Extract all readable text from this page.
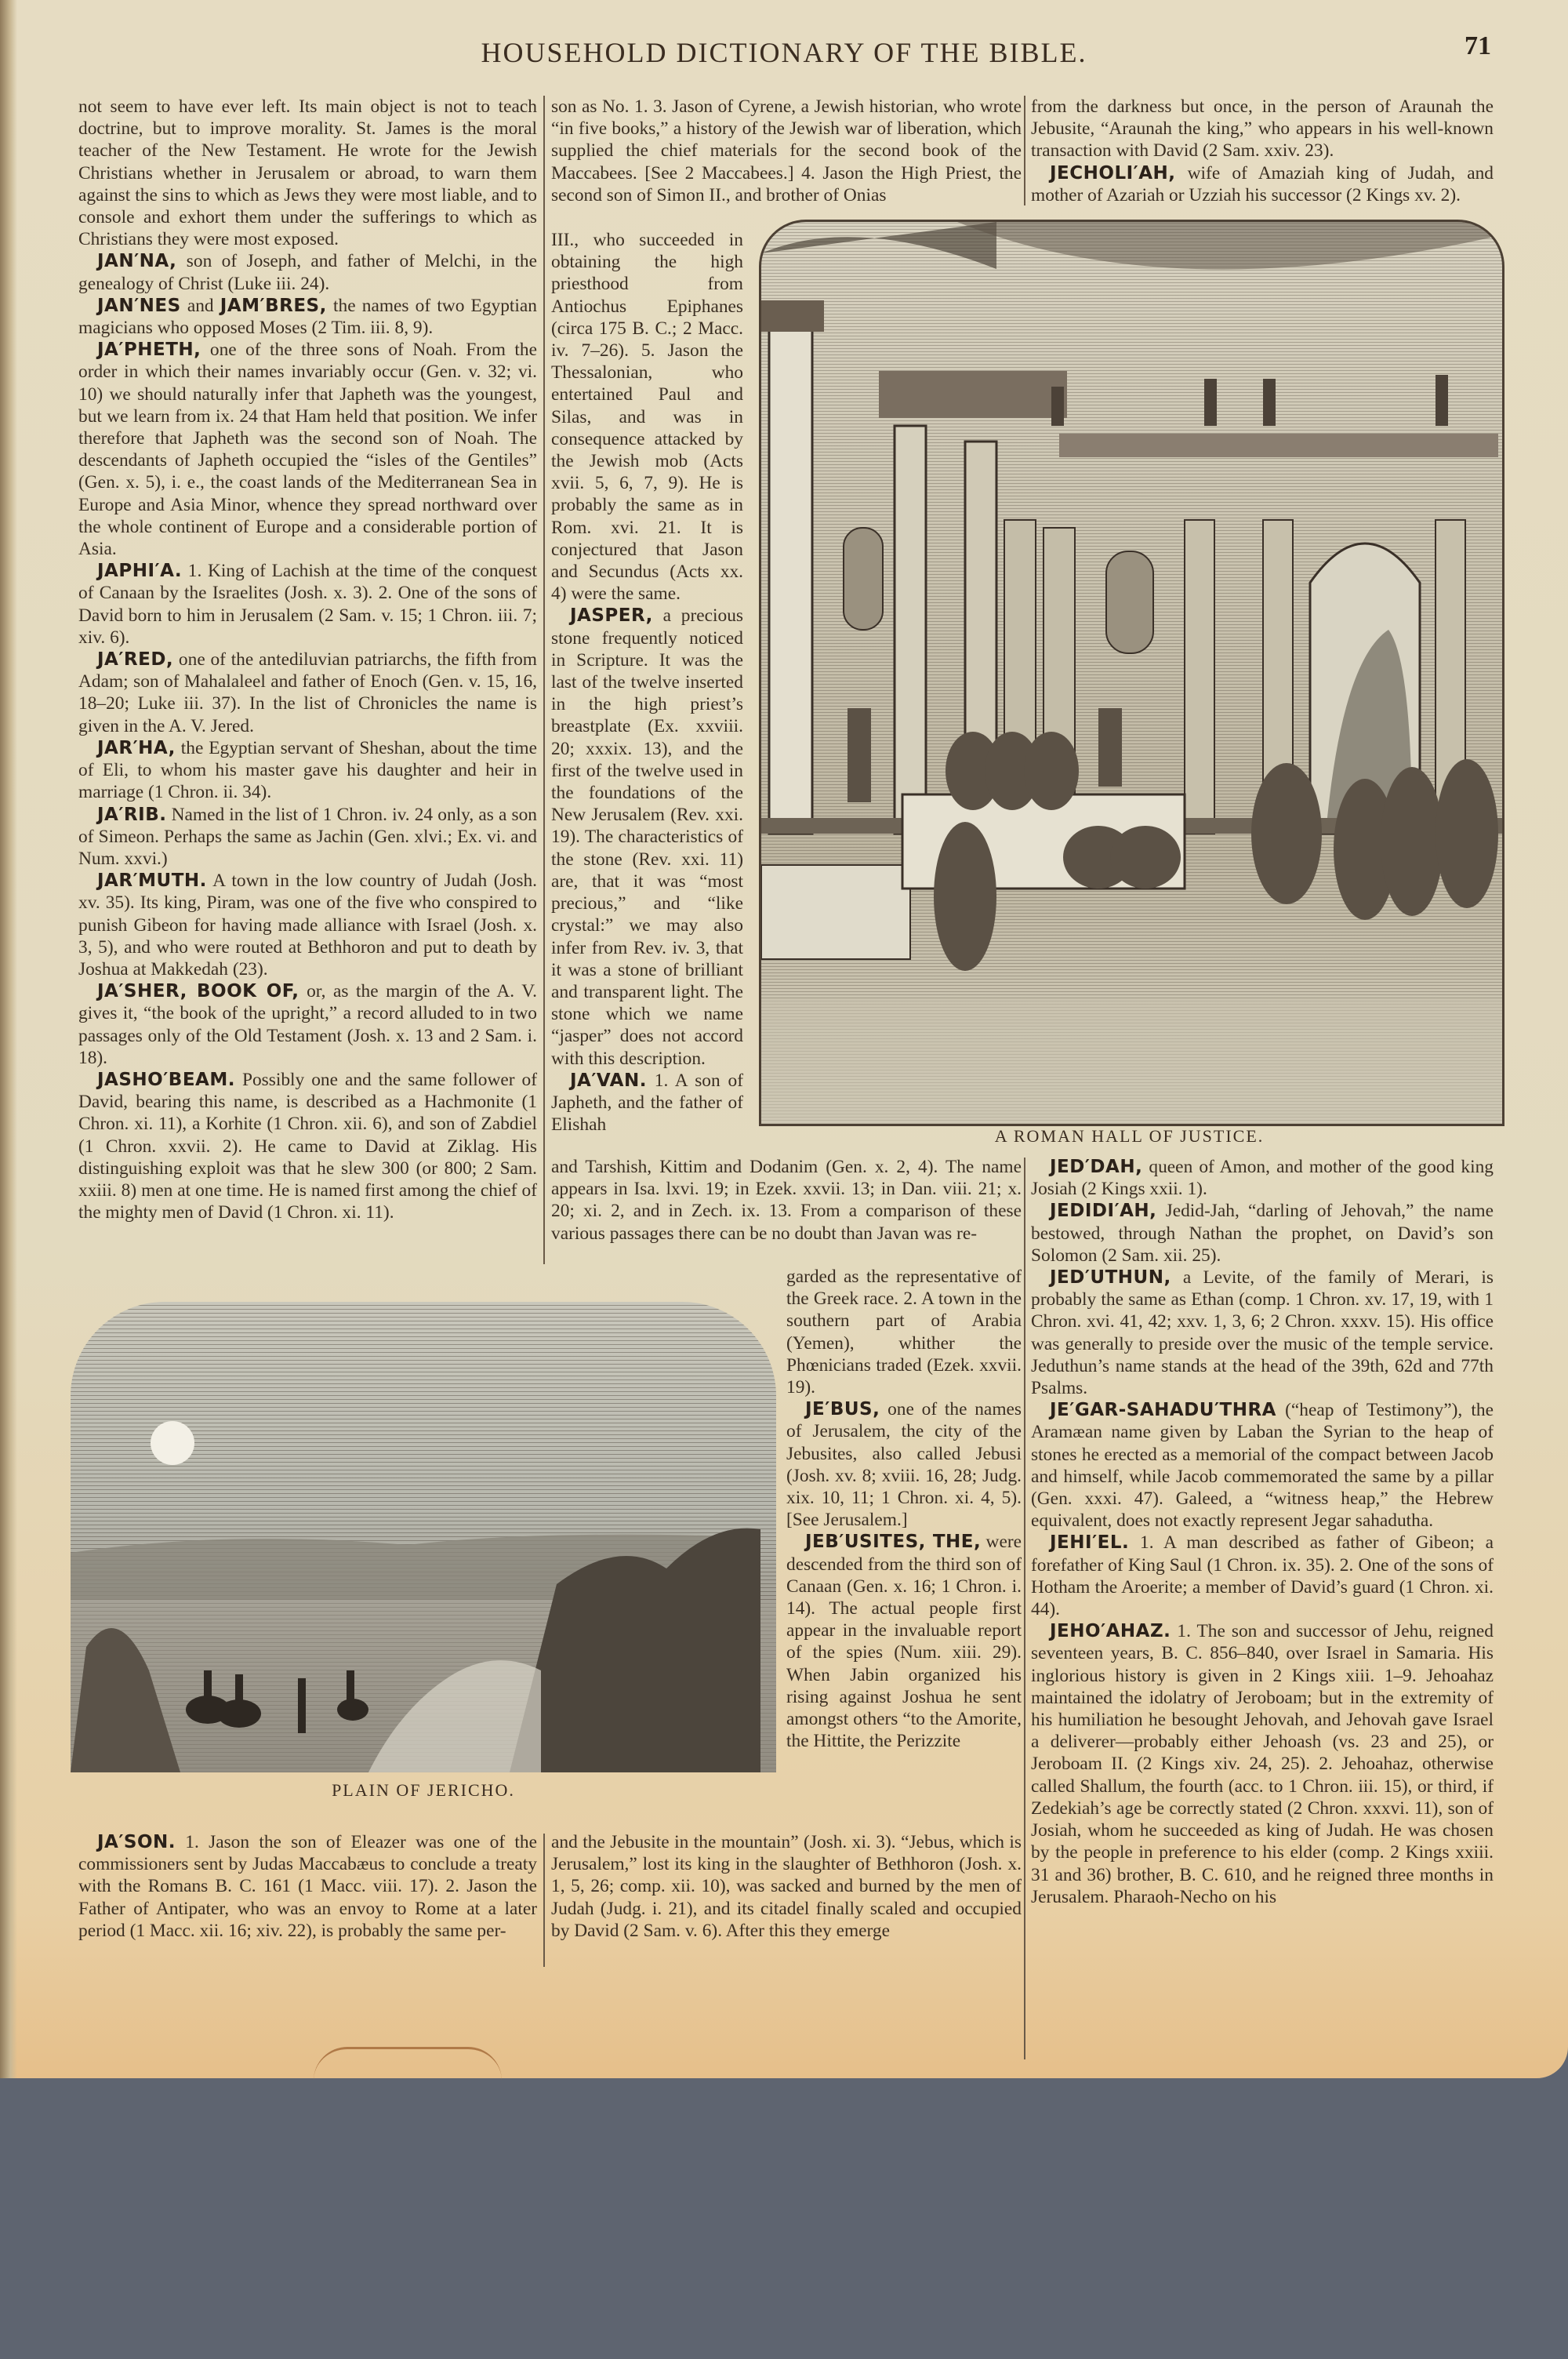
HOUSEHOLD DICTIONARY OF THE BIBLE.	71

not seem to have ever left. Its main object is not to teach doctrine, but to improve morality. St. James is the moral teacher of the New Testament. He wrote for the Jewish Christians whether in Jerusalem or abroad, to warn them against the sins to which as Jews they were most liable, and to console and exhort them under the sufferings to which as Christians they were most exposed.

JAN′NA, son of Joseph, and father of Melchi, in the genealogy of Christ (Luke iii. 24).

JAN′NES and JAM′BRES, the names of two Egyptian magicians who opposed Moses (2 Tim. iii. 8, 9).

JA′PHETH, one of the three sons of Noah. From the order in which their names invariably occur (Gen. v. 32; vi. 10) we should naturally infer that Japheth was the youngest, but we learn from ix. 24 that Ham held that position. We infer therefore that Japheth was the second son of Noah. The descendants of Japheth occupied the “isles of the Gentiles” (Gen. x. 5), i. e., the coast lands of the Mediterranean Sea in Europe and Asia Minor, whence they spread northward over the whole continent of Europe and a considerable portion of Asia.

JAPHI′A. 1. King of Lachish at the time of the conquest of Canaan by the Israelites (Josh. x. 3). 2. One of the sons of David born to him in Jerusalem (2 Sam. v. 15; 1 Chron. iii. 7; xiv. 6).

JA′RED, one of the antediluvian patriarchs, the fifth from Adam; son of Mahalaleel and father of Enoch (Gen. v. 15, 16, 18–20; Luke iii. 37). In the list of Chronicles the name is given in the A. V. Jered.

JAR′HA, the Egyptian servant of Sheshan, about the time of Eli, to whom his master gave his daughter and heir in marriage (1 Chron. ii. 34).

JA′RIB. Named in the list of 1 Chron. iv. 24 only, as a son of Simeon. Perhaps the same as Jachin (Gen. xlvi.; Ex. vi. and Num. xxvi.)

JAR′MUTH. A town in the low country of Judah (Josh. xv. 35). Its king, Piram, was one of the five who conspired to punish Gibeon for having made alliance with Israel (Josh. x. 3, 5), and who were routed at Bethhoron and put to death by Joshua at Makkedah (23).

JA′SHER, BOOK OF, or, as the margin of the A. V. gives it, “the book of the upright,” a record alluded to in two passages only of the Old Testament (Josh. x. 13 and 2 Sam. i. 18).

JASHO′BEAM. Possibly one and the same follower of David, bearing this name, is described as a Hachmonite (1 Chron. xi. 11), a Korhite (1 Chron. xii. 6), and son of Zabdiel (1 Chron. xxvii. 2). He came to David at Ziklag. His distinguishing exploit was that he slew 300 (or 800; 2 Sam. xxiii. 8) men at one time. He is named first among the chief of the mighty men of David (1 Chron. xi. 11).

son as No. 1. 3. Jason of Cyrene, a Jewish historian, who wrote “in five books,” a history of the Jewish war of liberation, which supplied the chief materials for the second book of the Maccabees. [See 2 Maccabees.] 4. Jason the High Priest, the second son of Simon II., and brother of Onias

from the darkness but once, in the person of Araunah the Jebusite, “Araunah the king,” who appears in his well-known transaction with David (2 Sam. xxiv. 23).

JECHOLI′AH, wife of Amaziah king of Judah, and mother of Azariah or Uzziah his successor (2 Kings xv. 2).

III., who succeeded in obtaining the high priesthood from Antiochus Epiphanes (circa 175 B. C.; 2 Macc. iv. 7–26). 5. Jason the Thessalonian, who entertained Paul and Silas, and was in consequence attacked by the Jewish mob (Acts xvii. 5, 6, 7, 9). He is probably the same as in Rom. xvi. 21. It is conjectured that Jason and Secundus (Acts xx. 4) were the same.

JASPER, a precious stone frequently noticed in Scripture. It was the last of the twelve inserted in the high priest’s breastplate (Ex. xxviii. 20; xxxix. 13), and the first of the twelve used in the foundations of the New Jerusalem (Rev. xxi. 19). The characteristics of the stone (Rev. xxi. 11) are, that it was “most precious,” and “like crystal:” we may also infer from Rev. iv. 3, that it was a stone of brilliant and transparent light. The stone which we name “jasper” does not accord with this description.

JA′VAN. 1. A son of Japheth, and the father of Elishah

A ROMAN HALL OF JUSTICE.

and Tarshish, Kittim and Dodanim (Gen. x. 2, 4). The name appears in Isa. lxvi. 19; in Ezek. xxvii. 13; in Dan. viii. 21; x. 20; xi. 2, and in Zech. ix. 13. From a comparison of these various passages there can be no doubt than Javan was re-

garded as the representative of the Greek race. 2. A town in the southern part of Arabia (Yemen), whither the Phœnicians traded (Ezek. xxvii. 19).

JE′BUS, one of the names of Jerusalem, the city of the Jebusites, also called Jebusi (Josh. xv. 8; xviii. 16, 28; Judg. xix. 10, 11; 1 Chron. xi. 4, 5). [See Jerusalem.]

JEB′USITES, THE, were descended from the third son of Canaan (Gen. x. 16; 1 Chron. i. 14). The actual people first appear in the invaluable report of the spies (Num. xiii. 29). When Jabin organized his rising against Joshua he sent amongst others “to the Amorite, the Hittite, the Perizzite

PLAIN OF JERICHO.

JA′SON. 1. Jason the son of Eleazer was one of the commissioners sent by Judas Maccabæus to conclude a treaty with the Romans B. C. 161 (1 Macc. viii. 17). 2. Jason the Father of Antipater, who was an envoy to Rome at a later period (1 Macc. xii. 16; xiv. 22), is probably the same per-

and the Jebusite in the mountain” (Josh. xi. 3). “Jebus, which is Jerusalem,” lost its king in the slaughter of Bethhoron (Josh. x. 1, 5, 26; comp. xii. 10), was sacked and burned by the men of Judah (Judg. i. 21), and its citadel finally scaled and occupied by David (2 Sam. v. 6). After this they emerge

JED′DAH, queen of Amon, and mother of the good king Josiah (2 Kings xxii. 1).

JEDIDI′AH, Jedid-Jah, “darling of Jehovah,” the name bestowed, through Nathan the prophet, on David’s son Solomon (2 Sam. xii. 25).

JED′UTHUN, a Levite, of the family of Merari, is probably the same as Ethan (comp. 1 Chron. xv. 17, 19, with 1 Chron. xvi. 41, 42; xxv. 1, 3, 6; 2 Chron. xxxv. 15). His office was generally to preside over the music of the temple service. Jeduthun’s name stands at the head of the 39th, 62d and 77th Psalms.

JE′GAR-SAHADU′THRA (“heap of Testimony”), the Aramæan name given by Laban the Syrian to the heap of stones he erected as a memorial of the compact between Jacob and himself, while Jacob commemorated the same by a pillar (Gen. xxxi. 47). Galeed, a “witness heap,” the Hebrew equivalent, does not exactly represent Jegar sahadutha.

JEHI′EL. 1. A man described as father of Gibeon; a forefather of King Saul (1 Chron. ix. 35). 2. One of the sons of Hotham the Aroerite; a member of David’s guard (1 Chron. xi. 44).

JEHO′AHAZ. 1. The son and successor of Jehu, reigned seventeen years, B. C. 856–840, over Israel in Samaria. His inglorious history is given in 2 Kings xiii. 1–9. Jehoahaz maintained the idolatry of Jeroboam; but in the extremity of his humiliation he besought Jehovah, and Jehovah gave Israel a deliverer—probably either Jehoash (vs. 23 and 25), or Jeroboam II. (2 Kings xiv. 24, 25). 2. Jehoahaz, otherwise called Shallum, the fourth (acc. to 1 Chron. iii. 15), or third, if Zedekiah’s age be correctly stated (2 Chron. xxxvi. 11), son of Josiah, whom he succeeded as king of Judah. He was chosen by the people in preference to his elder (comp. 2 Kings xxiii. 31 and 36) brother, B. C. 610, and he reigned three months in Jerusalem. Pharaoh-Necho on his
